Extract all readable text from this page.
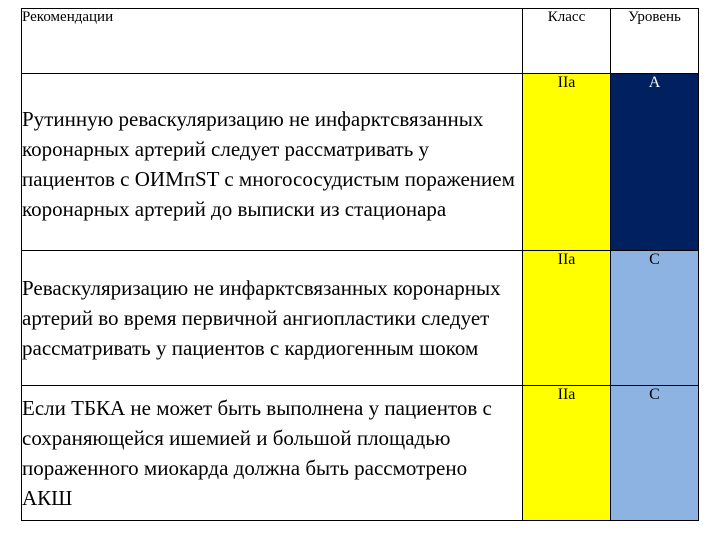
Рекомендации	Класс	Уровень
Рутинную реваскуляризацию не инфарктсвязанных коронарных артерий следует рассматривать у пациентов с ОИМпST с многососудистым поражением коронарных артерий до выписки из стационара	IIa	A
Реваскуляризацию не инфарктсвязанных коронарных артерий во время первичной ангиопластики следует рассматривать у пациентов с кардиогенным шоком	IIa	C
Если ТБКА не может быть выполнена у пациентов с сохраняющейся ишемией и большой площадью пораженного миокарда должна быть рассмотрено АКШ	IIa	C
